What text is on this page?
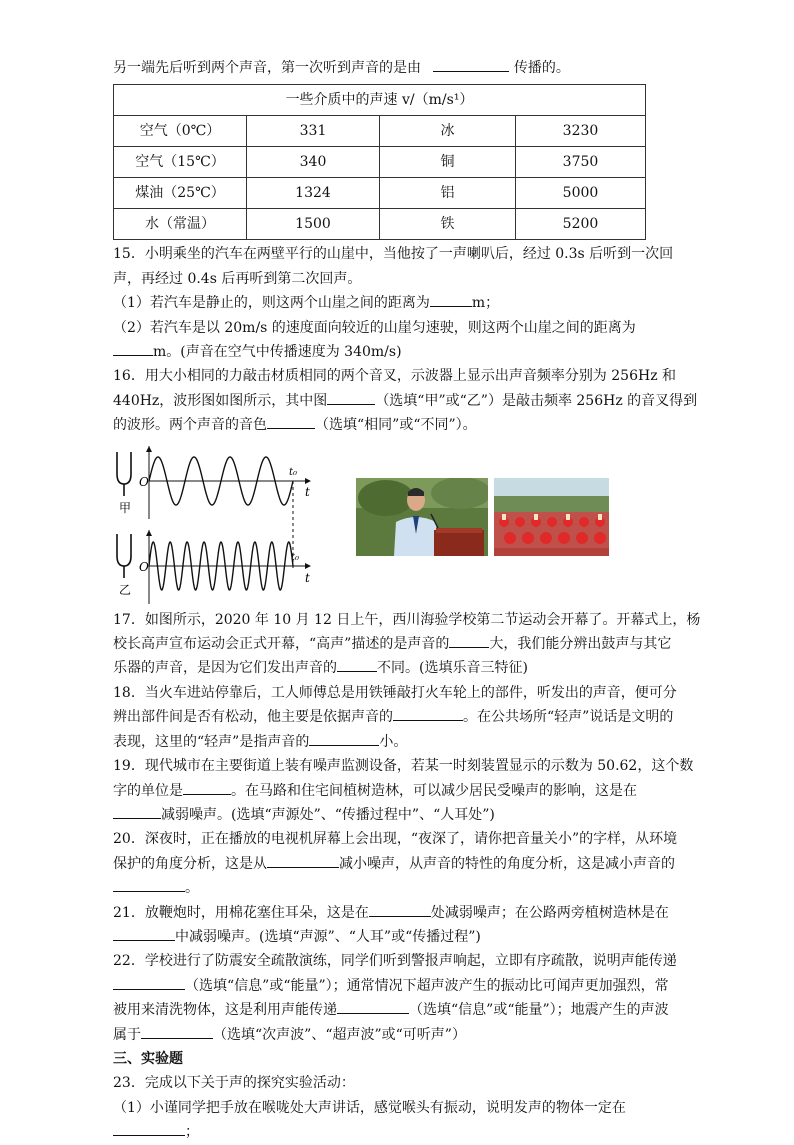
另一端先后听到两个声音，第一次听到声音的是由	传播的。
一些介质中的声速 v/（m/s¹）			
空气（0℃）	331	冰	3230
空气（15℃）	340	铜	3750
煤油（25℃）	1324	铝	5000
水（常温）	1500	铁	5200
15．小明乘坐的汽车在两壁平行的山崖中，当他按了一声喇叭后，经过 0.3s 后听到一次回
声，再经过 0.4s 后再听到第二次回声。
（1）若汽车是静止的，则这两个山崖之间的距离为	m；
（2）若汽车是以 20m/s 的速度面向较近的山崖匀速驶，则这两个山崖之间的距离为
m。(声音在空气中传播速度为 340m/s)
16．用大小相同的力敲击材质相同的两个音叉，示波器上显示出声音频率分别为 256Hz 和
440Hz，波形图如图所示，其中图	（选填“甲”或“乙”）是敲击频率 256Hz 的音叉得到
的波形。两个声音的音色	（选填“相同”或“不同”）。
甲
乙
O
t
t₀
O
t
t₀
17．如图所示，2020 年 10 月 12 日上午，西川海验学校第二节运动会开幕了。开幕式上，杨
校长高声宣布运动会正式开幕，“高声”描述的是声音的	大，我们能分辨出鼓声与其它
乐器的声音，是因为它们发出声音的	不同。(选填乐音三特征)
18．当火车进站停靠后，工人师傅总是用铁锤敲打火车轮上的部件，听发出的声音，便可分
辨出部件间是否有松动，他主要是依据声音的	。在公共场所“轻声”说话是文明的
表现，这里的“轻声”是指声音的	小。
19．现代城市在主要街道上装有噪声监测设备，若某一时刻装置显示的示数为 50.62，这个数
字的单位是	。在马路和住宅间植树造林，可以减少居民受噪声的影响，这是在
减弱噪声。(选填“声源处”、“传播过程中”、“人耳处”)
20．深夜时，正在播放的电视机屏幕上会出现，“夜深了，请你把音量关小”的字样，从环境
保护的角度分析，这是从	减小噪声，从声音的特性的角度分析，这是减小声音的
。
21．放鞭炮时，用棉花塞住耳朵，这是在	处减弱噪声；在公路两旁植树造林是在
中减弱噪声。(选填“声源”、“人耳”或“传播过程”)
22．学校进行了防震安全疏散演练，同学们听到警报声响起，立即有序疏散，说明声能传递
（选填“信息”或“能量”）；通常情况下超声波产生的振动比可闻声更加强烈，常
被用来清洗物体，这是利用声能传递	（选填“信息”或“能量”）；地震产生的声波
属于	（选填“次声波”、“超声波”或“可听声”）
三、实验题
23．完成以下关于声的探究实验活动：
（1）小谨同学把手放在喉咙处大声讲话，感觉喉头有振动，说明发声的物体一定在
；
